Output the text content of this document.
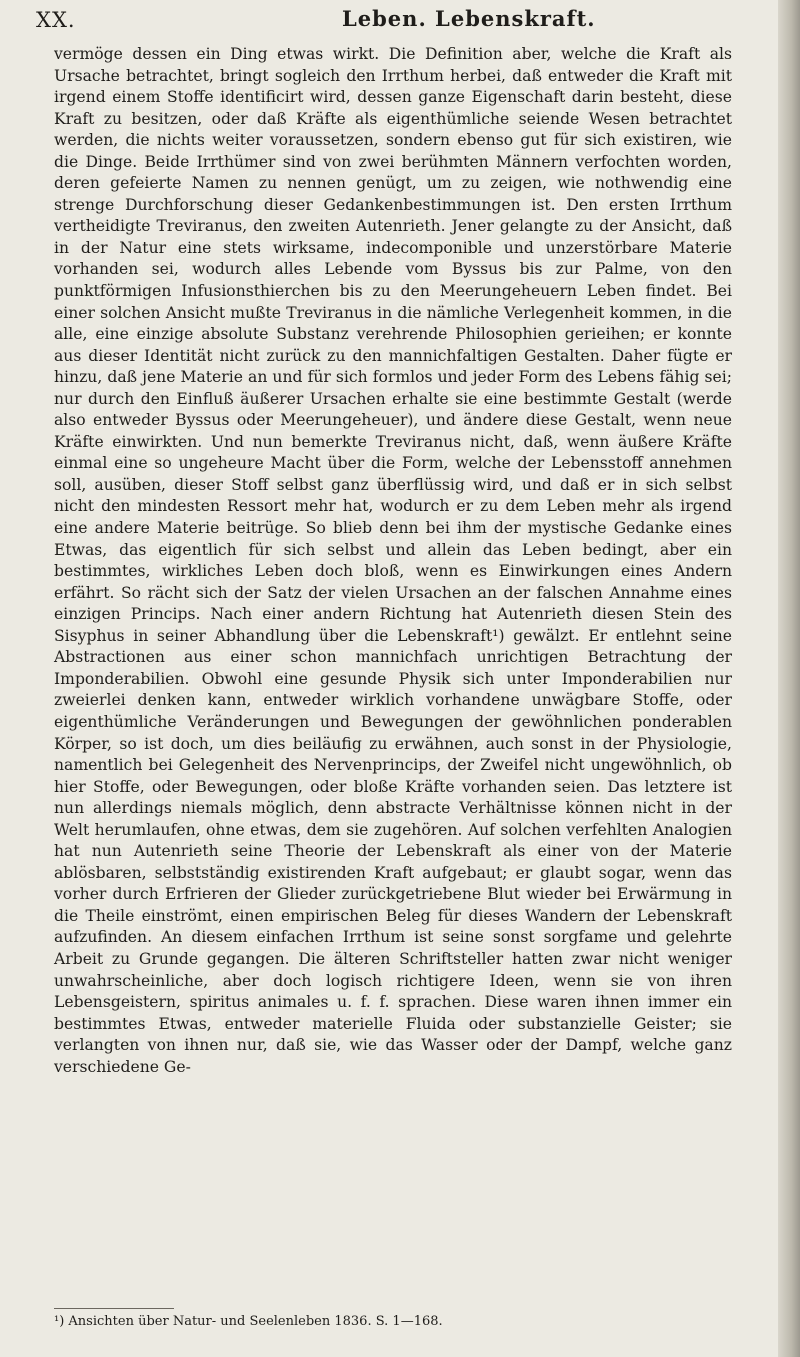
XX.	Leben. Lebenskraft.

vermöge dessen ein Ding etwas wirkt. Die Definition aber, welche die Kraft als Ursache betrachtet, bringt sogleich den Irrthum herbei, daß entweder die Kraft mit irgend einem Stoffe identificirt wird, dessen ganze Eigenschaft darin besteht, diese Kraft zu besitzen, oder daß Kräfte als eigenthümliche seiende Wesen betrachtet werden, die nichts weiter voraussetzen, sondern ebenso gut für sich existiren, wie die Dinge. Beide Irrthümer sind von zwei berühmten Männern verfochten worden, deren gefeierte Namen zu nennen genügt, um zu zeigen, wie nothwendig eine strenge Durchforschung dieser Gedankenbestimmungen ist. Den ersten Irrthum vertheidigte Treviranus, den zweiten Autenrieth. Jener gelangte zu der Ansicht, daß in der Natur eine stets wirksame, indecomponible und unzerstörbare Materie vorhanden sei, wodurch alles Lebende vom Byssus bis zur Palme, von den punktförmigen Infusionsthierchen bis zu den Meerungeheuern Leben findet. Bei einer solchen Ansicht mußte Treviranus in die nämliche Verlegenheit kommen, in die alle, eine einzige absolute Substanz verehrende Philosophien gerieihen; er konnte aus dieser Identität nicht zurück zu den mannichfaltigen Gestalten. Daher fügte er hinzu, daß jene Materie an und für sich formlos und jeder Form des Lebens fähig sei; nur durch den Einfluß äußerer Ursachen erhalte sie eine bestimmte Gestalt (werde also entweder Byssus oder Meerungeheuer), und ändere diese Gestalt, wenn neue Kräfte einwirkten. Und nun bemerkte Treviranus nicht, daß, wenn äußere Kräfte einmal eine so ungeheure Macht über die Form, welche der Lebensstoff annehmen soll, ausüben, dieser Stoff selbst ganz überflüssig wird, und daß er in sich selbst nicht den mindesten Ressort mehr hat, wodurch er zu dem Leben mehr als irgend eine andere Materie beitrüge. So blieb denn bei ihm der mystische Gedanke eines Etwas, das eigentlich für sich selbst und allein das Leben bedingt, aber ein bestimmtes, wirkliches Leben doch bloß, wenn es Einwirkungen eines Andern erfährt. So rächt sich der Satz der vielen Ursachen an der falschen Annahme eines einzigen Princips. Nach einer andern Richtung hat Autenrieth diesen Stein des Sisyphus in seiner Abhandlung über die Lebenskraft¹) gewälzt. Er entlehnt seine Abstractionen aus einer schon mannichfach unrichtigen Betrachtung der Imponderabilien. Obwohl eine gesunde Physik sich unter Imponderabilien nur zweierlei denken kann, entweder wirklich vorhandene unwägbare Stoffe, oder eigenthümliche Veränderungen und Bewegungen der gewöhnlichen ponderablen Körper, so ist doch, um dies beiläufig zu erwähnen, auch sonst in der Physiologie, namentlich bei Gelegenheit des Nervenprincips, der Zweifel nicht ungewöhnlich, ob hier Stoffe, oder Bewegungen, oder bloße Kräfte vorhanden seien. Das letztere ist nun allerdings niemals möglich, denn abstracte Verhältnisse können nicht in der Welt herumlaufen, ohne etwas, dem sie zugehören. Auf solchen verfehlten Analogien hat nun Autenrieth seine Theorie der Lebenskraft als einer von der Materie ablösbaren, selbstständig existirenden Kraft aufgebaut; er glaubt sogar, wenn das vorher durch Erfrieren der Glieder zurückgetriebene Blut wieder bei Erwärmung in die Theile einströmt, einen empirischen Beleg für dieses Wandern der Lebenskraft aufzufinden. An diesem einfachen Irrthum ist seine sonst sorgfame und gelehrte Arbeit zu Grunde gegangen. Die älteren Schriftsteller hatten zwar nicht weniger unwahrscheinliche, aber doch logisch richtigere Ideen, wenn sie von ihren Lebensgeistern, spiritus animales u. f. f. sprachen. Diese waren ihnen immer ein bestimmtes Etwas, entweder materielle Fluida oder substanzielle Geister; sie verlangten von ihnen nur, daß sie, wie das Wasser oder der Dampf, welche ganz verschiedene Ge-

¹) Ansichten über Natur- und Seelenleben 1836. S. 1—168.
